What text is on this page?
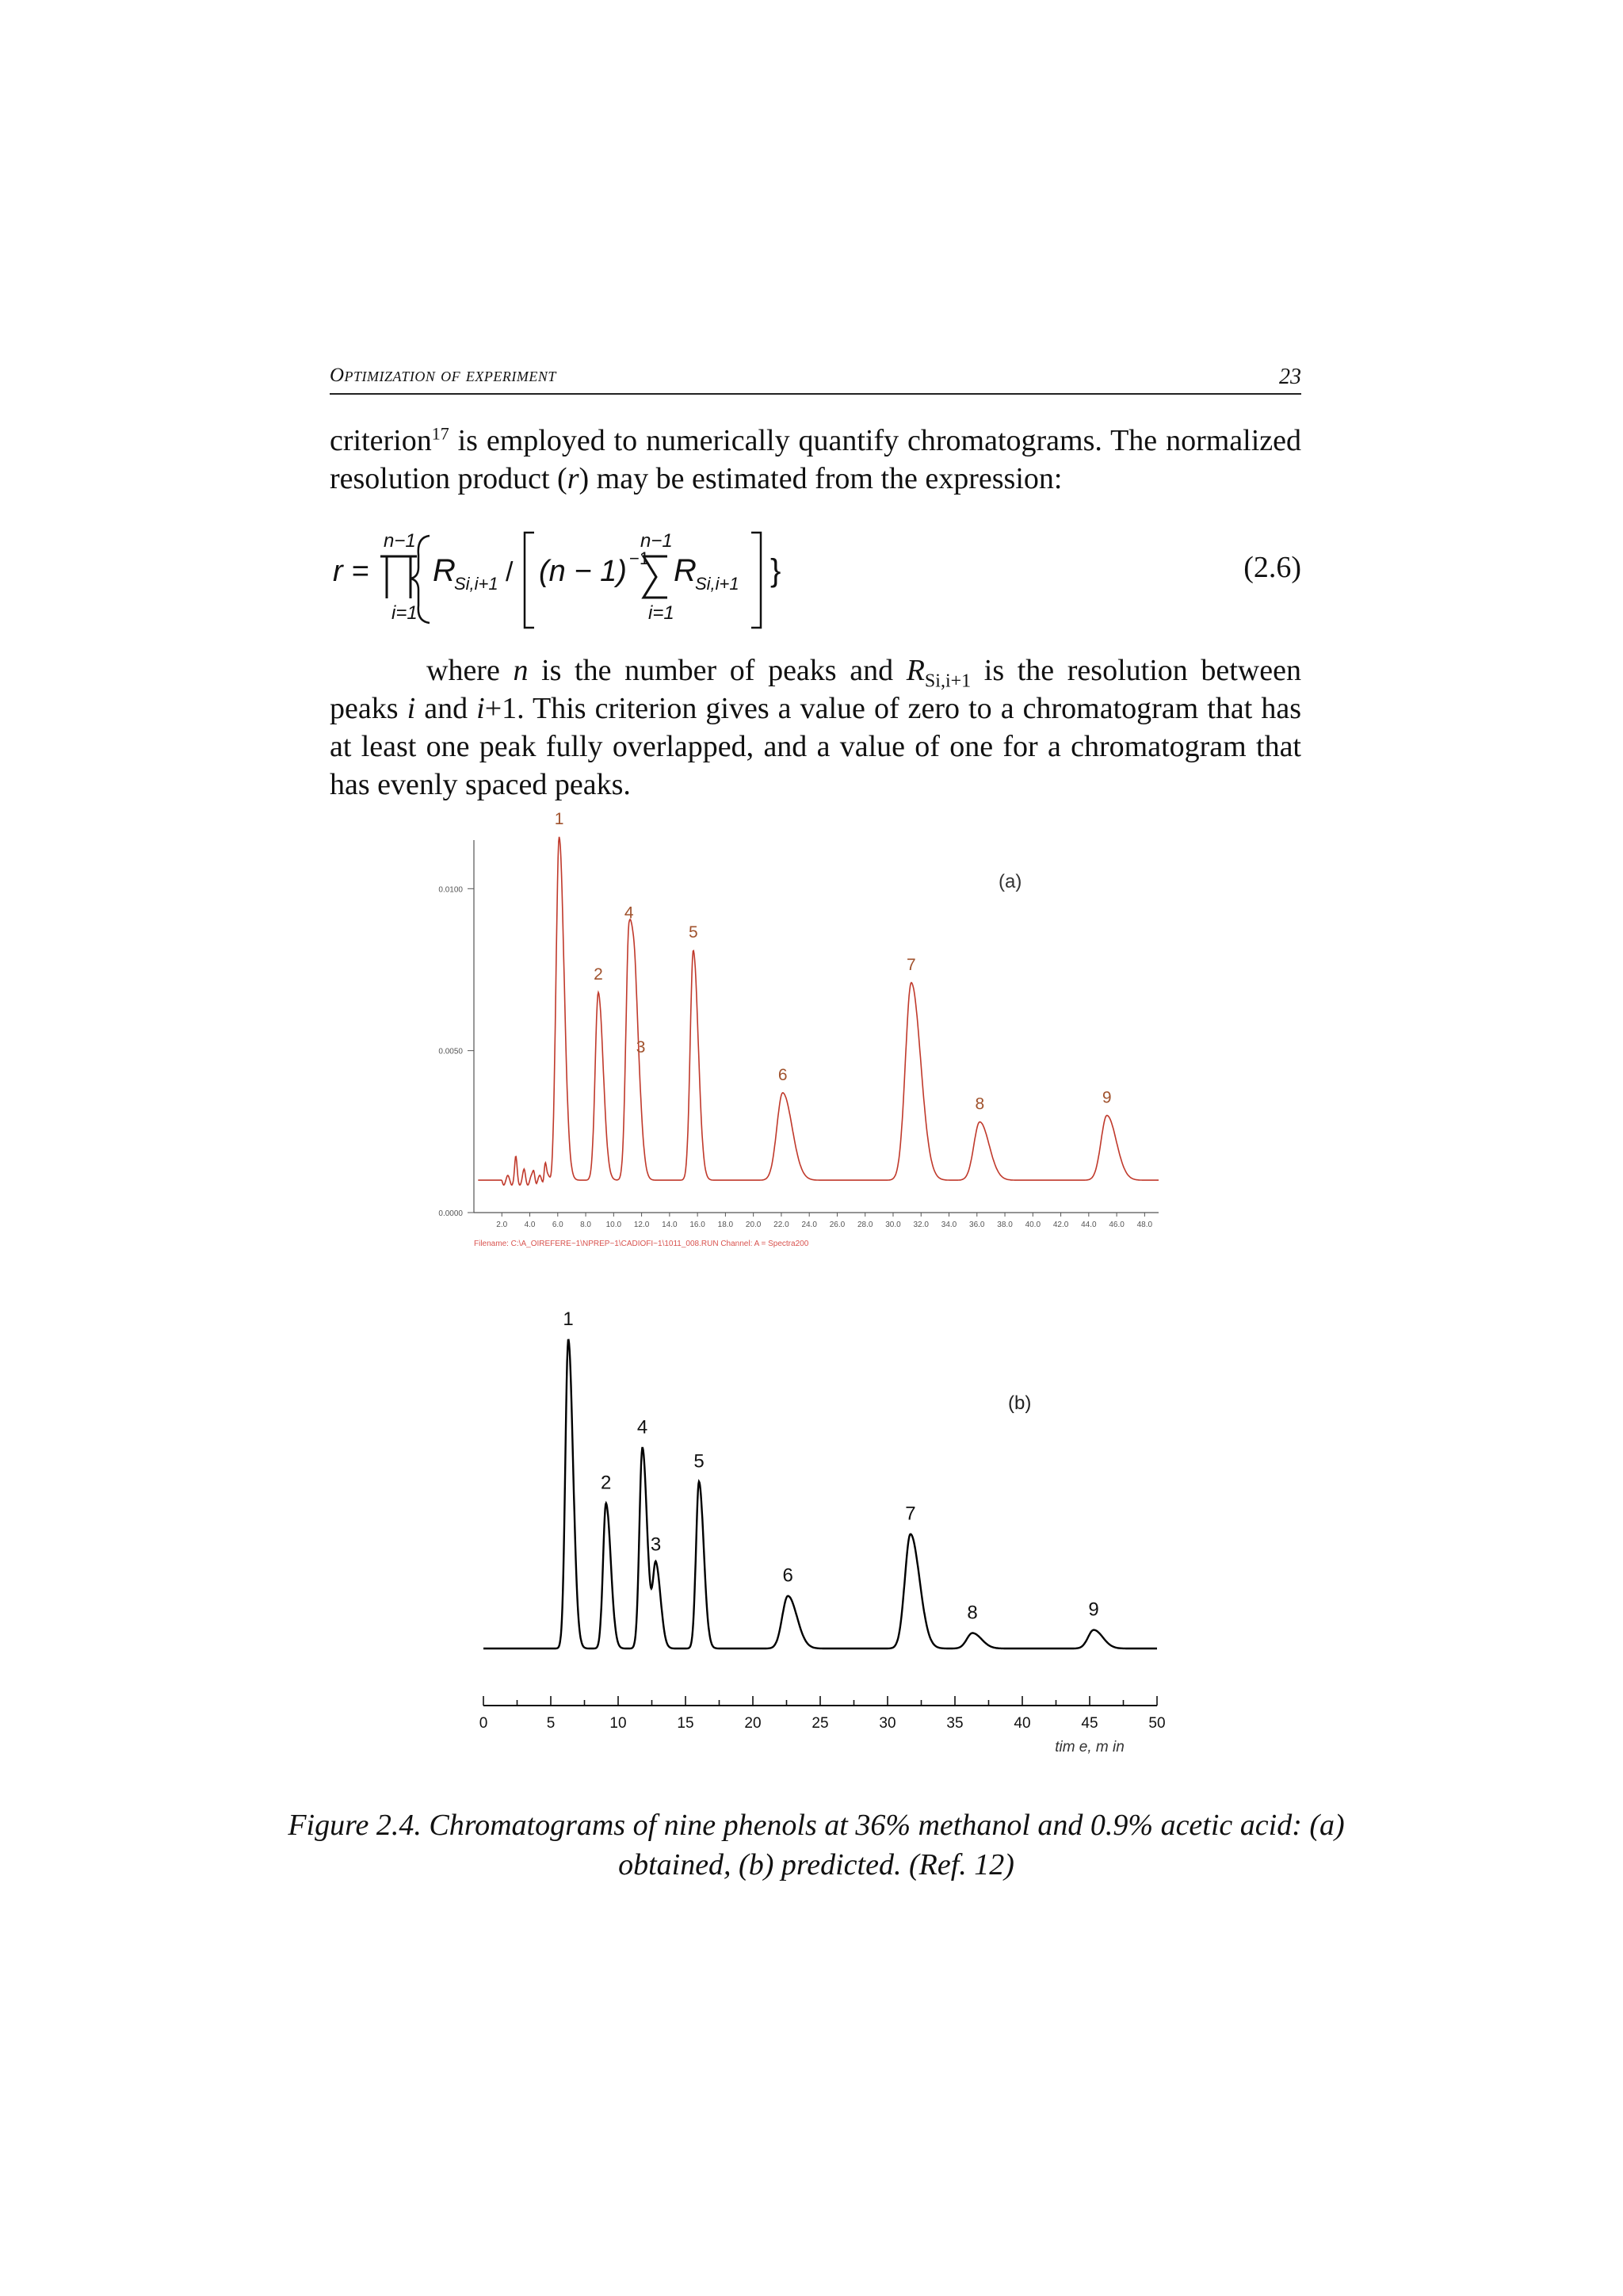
Optimization of experiment	23
criterion$^{17}$ is employed to numerically quantify chromatograms. The normalized resolution product (r) may be estimated from the expression:
r =
n−1
i=1
R
Si,i+1 / (n − 1) −1
n−1
i=1
R
Si,i+1 }	(2.6)
where n is the number of peaks and $R_{Si,i+1}$ is the resolution between peaks i and i+1. This criterion gives a value of zero to a chromatogram that has at least one peak fully overlapped, and a value of one for a chromatogram that has evenly spaced peaks.
0.0100
0.0050
0.0000
2.0 4.0 6.0 8.0 10.0 12.0 14.0 16.0 18.0 20.0 22.0 24.0 26.0 28.0 30.0 32.0 34.0 36.0 38.0 40.0 42.0 44.0 46.0 48.0
1
2
3
4
5
6
7
8	9
(a)
Filename: C:\A_OIREFERE~1\NPREP~1\CADIOFI~1\1011_008.RUN Channel: A = Spectra200
1
2
3
4
5
6
7
8	9
(b)
0	5	10	15	20	25	30	35	40	45	50
tim e, m in
Figure 2.4. Chromatograms of nine phenols at 36% methanol and 0.9% acetic acid: (a) obtained, (b) predicted. (Ref. 12)
